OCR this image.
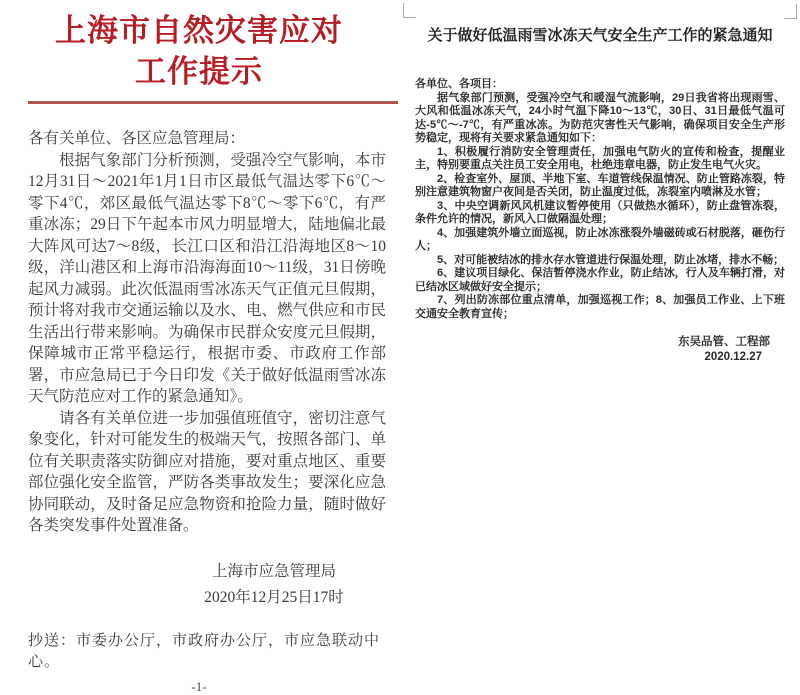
上海市自然灾害应对
工作提示

各有关单位、各区应急管理局：

根据气象部门分析预测，受强冷空气影响，本市12月31日～2021年1月1日市区最低气温达零下6℃～零下4℃，郊区最低气温达零下8℃～零下6℃，有严重冰冻；29日下午起本市风力明显增大，陆地偏北最大阵风可达7～8级，长江口区和沿江沿海地区8～10级，洋山港区和上海市沿海海面10～11级，31日傍晚起风力减弱。此次低温雨雪冰冻天气正值元旦假期，预计将对我市交通运输以及水、电、燃气供应和市民生活出行带来影响。为确保市民群众安度元旦假期，保障城市正常平稳运行，根据市委、市政府工作部署，市应急局已于今日印发《关于做好低温雨雪冰冻天气防范应对工作的紧急通知》。

请各有关单位进一步加强值班值守，密切注意气象变化，针对可能发生的极端天气，按照各部门、单位有关职责落实防御应对措施，要对重点地区、重要部位强化安全监管，严防各类事故发生；要深化应急协同联动，及时备足应急物资和抢险力量，随时做好各类突发事件处置准备。

上海市应急管理局
2020年12月25日17时
抄送：市委办公厅，市政府办公厅，市应急联动中心。
-1-
关于做好低温雨雪冰冻天气安全生产工作的紧急通知

各单位、各项目：

据气象部门预测，受强冷空气和暖湿气流影响，29日我省将出现雨雪、大风和低温冰冻天气，24小时气温下降10～13℃，30日、31日最低气温可达-5℃～-7℃，有严重冰冻。为防范灾害性天气影响，确保项目安全生产形势稳定，现将有关要求紧急通知如下：

1、积极履行消防安全管理责任，加强电气防火的宣传和检查，提醒业主，特别要重点关注员工安全用电，杜绝违章电器，防止发生电气火灾。

2、检查室外、屋顶、半地下室、车道管线保温情况、防止管路冻裂，特别注意建筑物窗户夜间是否关闭，防止温度过低，冻裂室内喷淋及水管；

3、中央空调新风风机建议暂停使用（只做热水循环），防止盘管冻裂，条件允许的情况，新风入口做隔温处理；

4、加强建筑外墙立面巡视，防止冰冻涨裂外墙磁砖或石材脱落，砸伤行人；

5、对可能被结冰的排水存水管道进行保温处理，防止冰堵，排水不畅；

6、建议项目绿化、保洁暂停浇水作业，防止结冰，行人及车辆打滑，对已结冰区域做好安全提示；

7、列出防冻部位重点清单，加强巡视工作；8、加强员工作业、上下班交通安全教育宣传；

东吴品管、工程部
2020.12.27
